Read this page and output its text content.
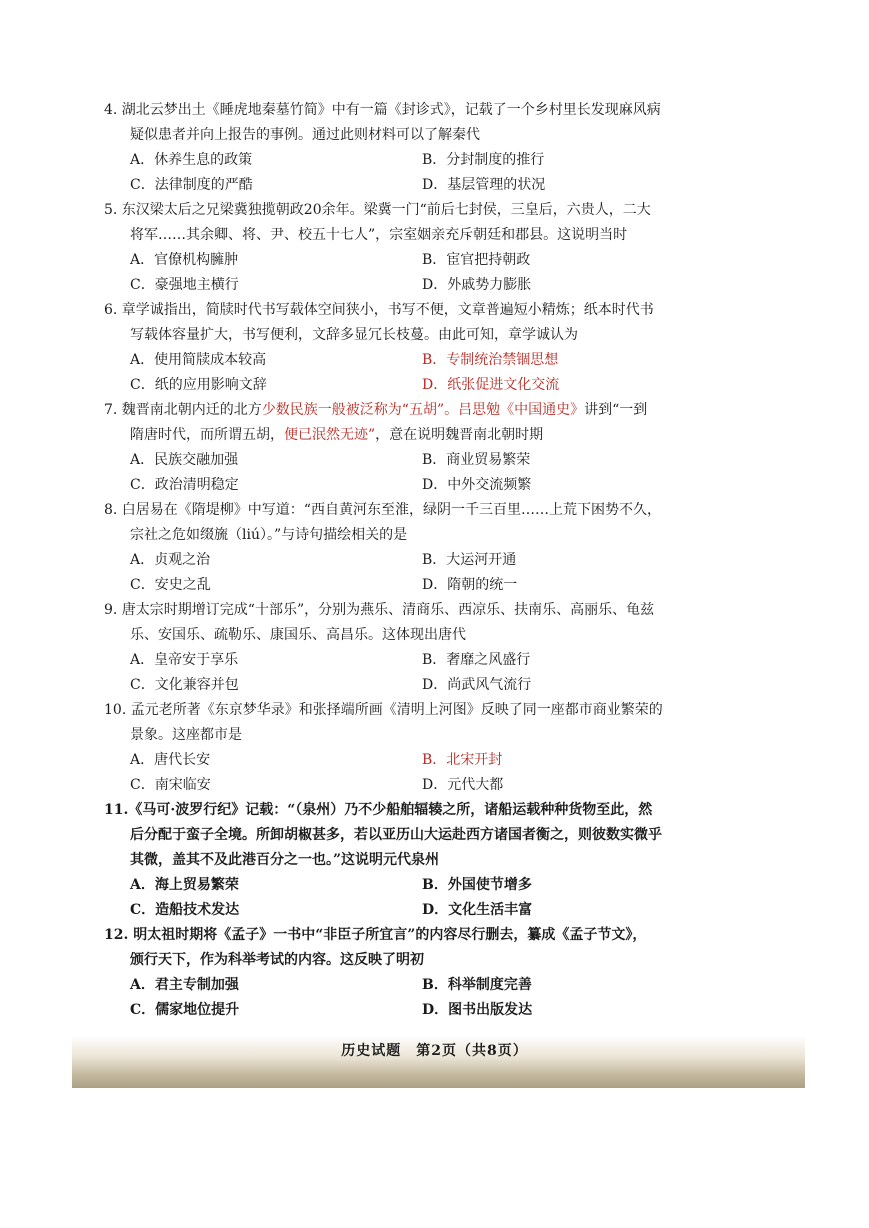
4. 湖北云梦出土《睡虎地秦墓竹简》中有一篇《封诊式》，记载了一个乡村里长发现麻风病
疑似患者并向上报告的事例。通过此则材料可以了解秦代
A．休养生息的政策	B．分封制度的推行
C．法律制度的严酷	D．基层管理的状况
5. 东汉梁太后之兄梁冀独揽朝政20余年。梁冀一门“前后七封侯，三皇后，六贵人，二大
将军……其余卿、将、尹、校五十七人”，宗室姻亲充斥朝廷和郡县。这说明当时
A．官僚机构臃肿	B．宦官把持朝政
C．豪强地主横行	D．外戚势力膨胀
6. 章学诚指出，简牍时代书写载体空间狭小，书写不便，文章普遍短小精炼；纸本时代书
写载体容量扩大，书写便利，文辞多显冗长枝蔓。由此可知，章学诚认为
A．使用简牍成本较高	B．专制统治禁锢思想
C．纸的应用影响文辞	D．纸张促进文化交流
7. 魏晋南北朝内迁的北方少数民族一般被泛称为“五胡”。吕思勉《中国通史》讲到“一到
隋唐时代，而所谓五胡，便已泯然无迹”，意在说明魏晋南北朝时期
A．民族交融加强	B．商业贸易繁荣
C．政治清明稳定	D．中外交流频繁
8. 白居易在《隋堤柳》中写道：“西自黄河东至淮，绿阴一千三百里……上荒下困势不久，
宗社之危如缀旒（liú）。”与诗句描绘相关的是
A．贞观之治	B．大运河开通
C．安史之乱	D．隋朝的统一
9. 唐太宗时期增订完成“十部乐”，分别为燕乐、清商乐、西凉乐、扶南乐、高丽乐、龟兹
乐、安国乐、疏勒乐、康国乐、高昌乐。这体现出唐代
A．皇帝安于享乐	B．奢靡之风盛行
C．文化兼容并包	D．尚武风气流行
10. 孟元老所著《东京梦华录》和张择端所画《清明上河图》反映了同一座都市商业繁荣的
景象。这座都市是
A．唐代长安	B．北宋开封
C．南宋临安	D．元代大都
11.《马可·波罗行纪》记载：“（泉州）乃不少船舶辐辏之所，诸船运载种种货物至此，然
后分配于蛮子全境。所卸胡椒甚多，若以亚历山大运赴西方诸国者衡之，则彼数实微乎
其微，盖其不及此港百分之一也。”这说明元代泉州
A．海上贸易繁荣	B．外国使节增多
C．造船技术发达	D．文化生活丰富
12. 明太祖时期将《孟子》一书中“非臣子所宜言”的内容尽行删去，纂成《孟子节文》，
颁行天下，作为科举考试的内容。这反映了明初
A．君主专制加强	B．科举制度完善
C．儒家地位提升	D．图书出版发达
历史试题　第2页（共8页）
